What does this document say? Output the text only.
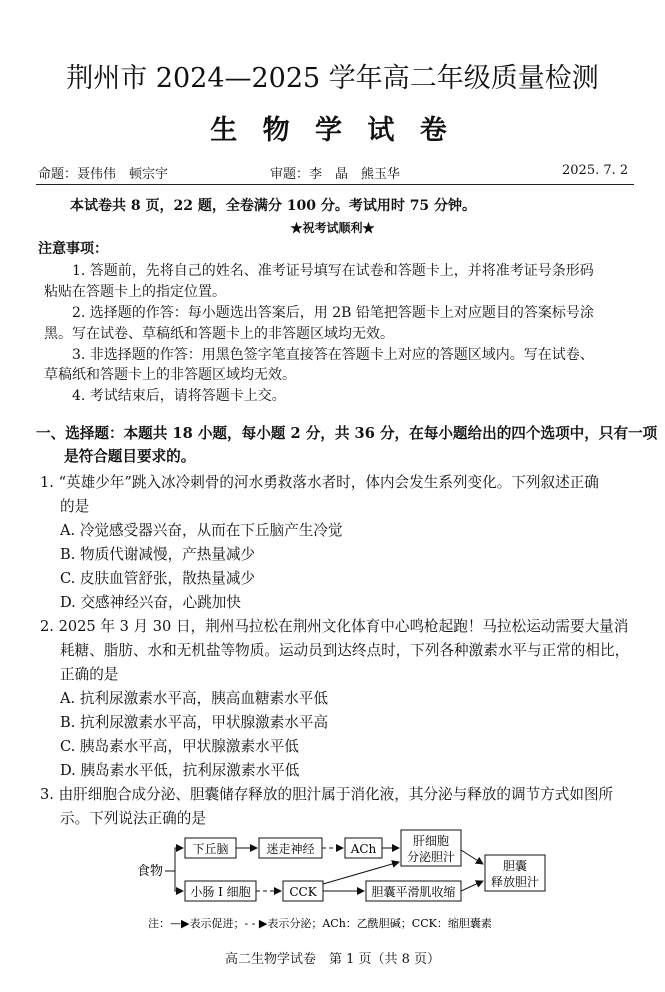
荆州市 2024—2025 学年高二年级质量检测
生 物 学 试 卷
命题：聂伟伟　顿宗宇	审题：李　晶　熊玉华	2025. 7. 2
本试卷共 8 页，22 题，全卷满分 100 分。考试用时 75 分钟。
★祝考试顺利★
注意事项：
1. 答题前，先将自己的姓名、准考证号填写在试卷和答题卡上，并将准考证号条形码
粘贴在答题卡上的指定位置。
2. 选择题的作答：每小题选出答案后，用 2B 铅笔把答题卡上对应题目的答案标号涂
黑。写在试卷、草稿纸和答题卡上的非答题区域均无效。
3. 非选择题的作答：用黑色签字笔直接答在答题卡上对应的答题区域内。写在试卷、
草稿纸和答题卡上的非答题区域均无效。
4. 考试结束后，请将答题卡上交。
一、选择题：本题共 18 小题，每小题 2 分，共 36 分，在每小题给出的四个选项中，只有一项
是符合题目要求的。
1. “英雄少年”跳入冰冷刺骨的河水勇救落水者时，体内会发生系列变化。下列叙述正确
的是
A. 冷觉感受器兴奋，从而在下丘脑产生冷觉
B. 物质代谢减慢，产热量减少
C. 皮肤血管舒张，散热量减少
D. 交感神经兴奋，心跳加快
2. 2025 年 3 月 30 日，荆州马拉松在荆州文化体育中心鸣枪起跑！马拉松运动需要大量消
耗糖、脂肪、水和无机盐等物质。运动员到达终点时，下列各种激素水平与正常的相比，
正确的是
A. 抗利尿激素水平高，胰高血糖素水平低
B. 抗利尿激素水平高，甲状腺激素水平高
C. 胰岛素水平高，甲状腺激素水平低
D. 胰岛素水平低，抗利尿激素水平低
3. 由肝细胞合成分泌、胆囊储存释放的胆汁属于消化液，其分泌与释放的调节方式如图所
示。下列说法正确的是
食物
下丘脑	迷走神经	ACh
肝细胞
分泌胆汁
小肠 I 细胞	CCK	胆囊平滑肌收缩
胆囊
释放胆汁
注：—▶表示促进；- - ▶表示分泌；ACh：乙酰胆碱；CCK：缩胆囊素
高二生物学试卷　第 1 页（共 8 页）
